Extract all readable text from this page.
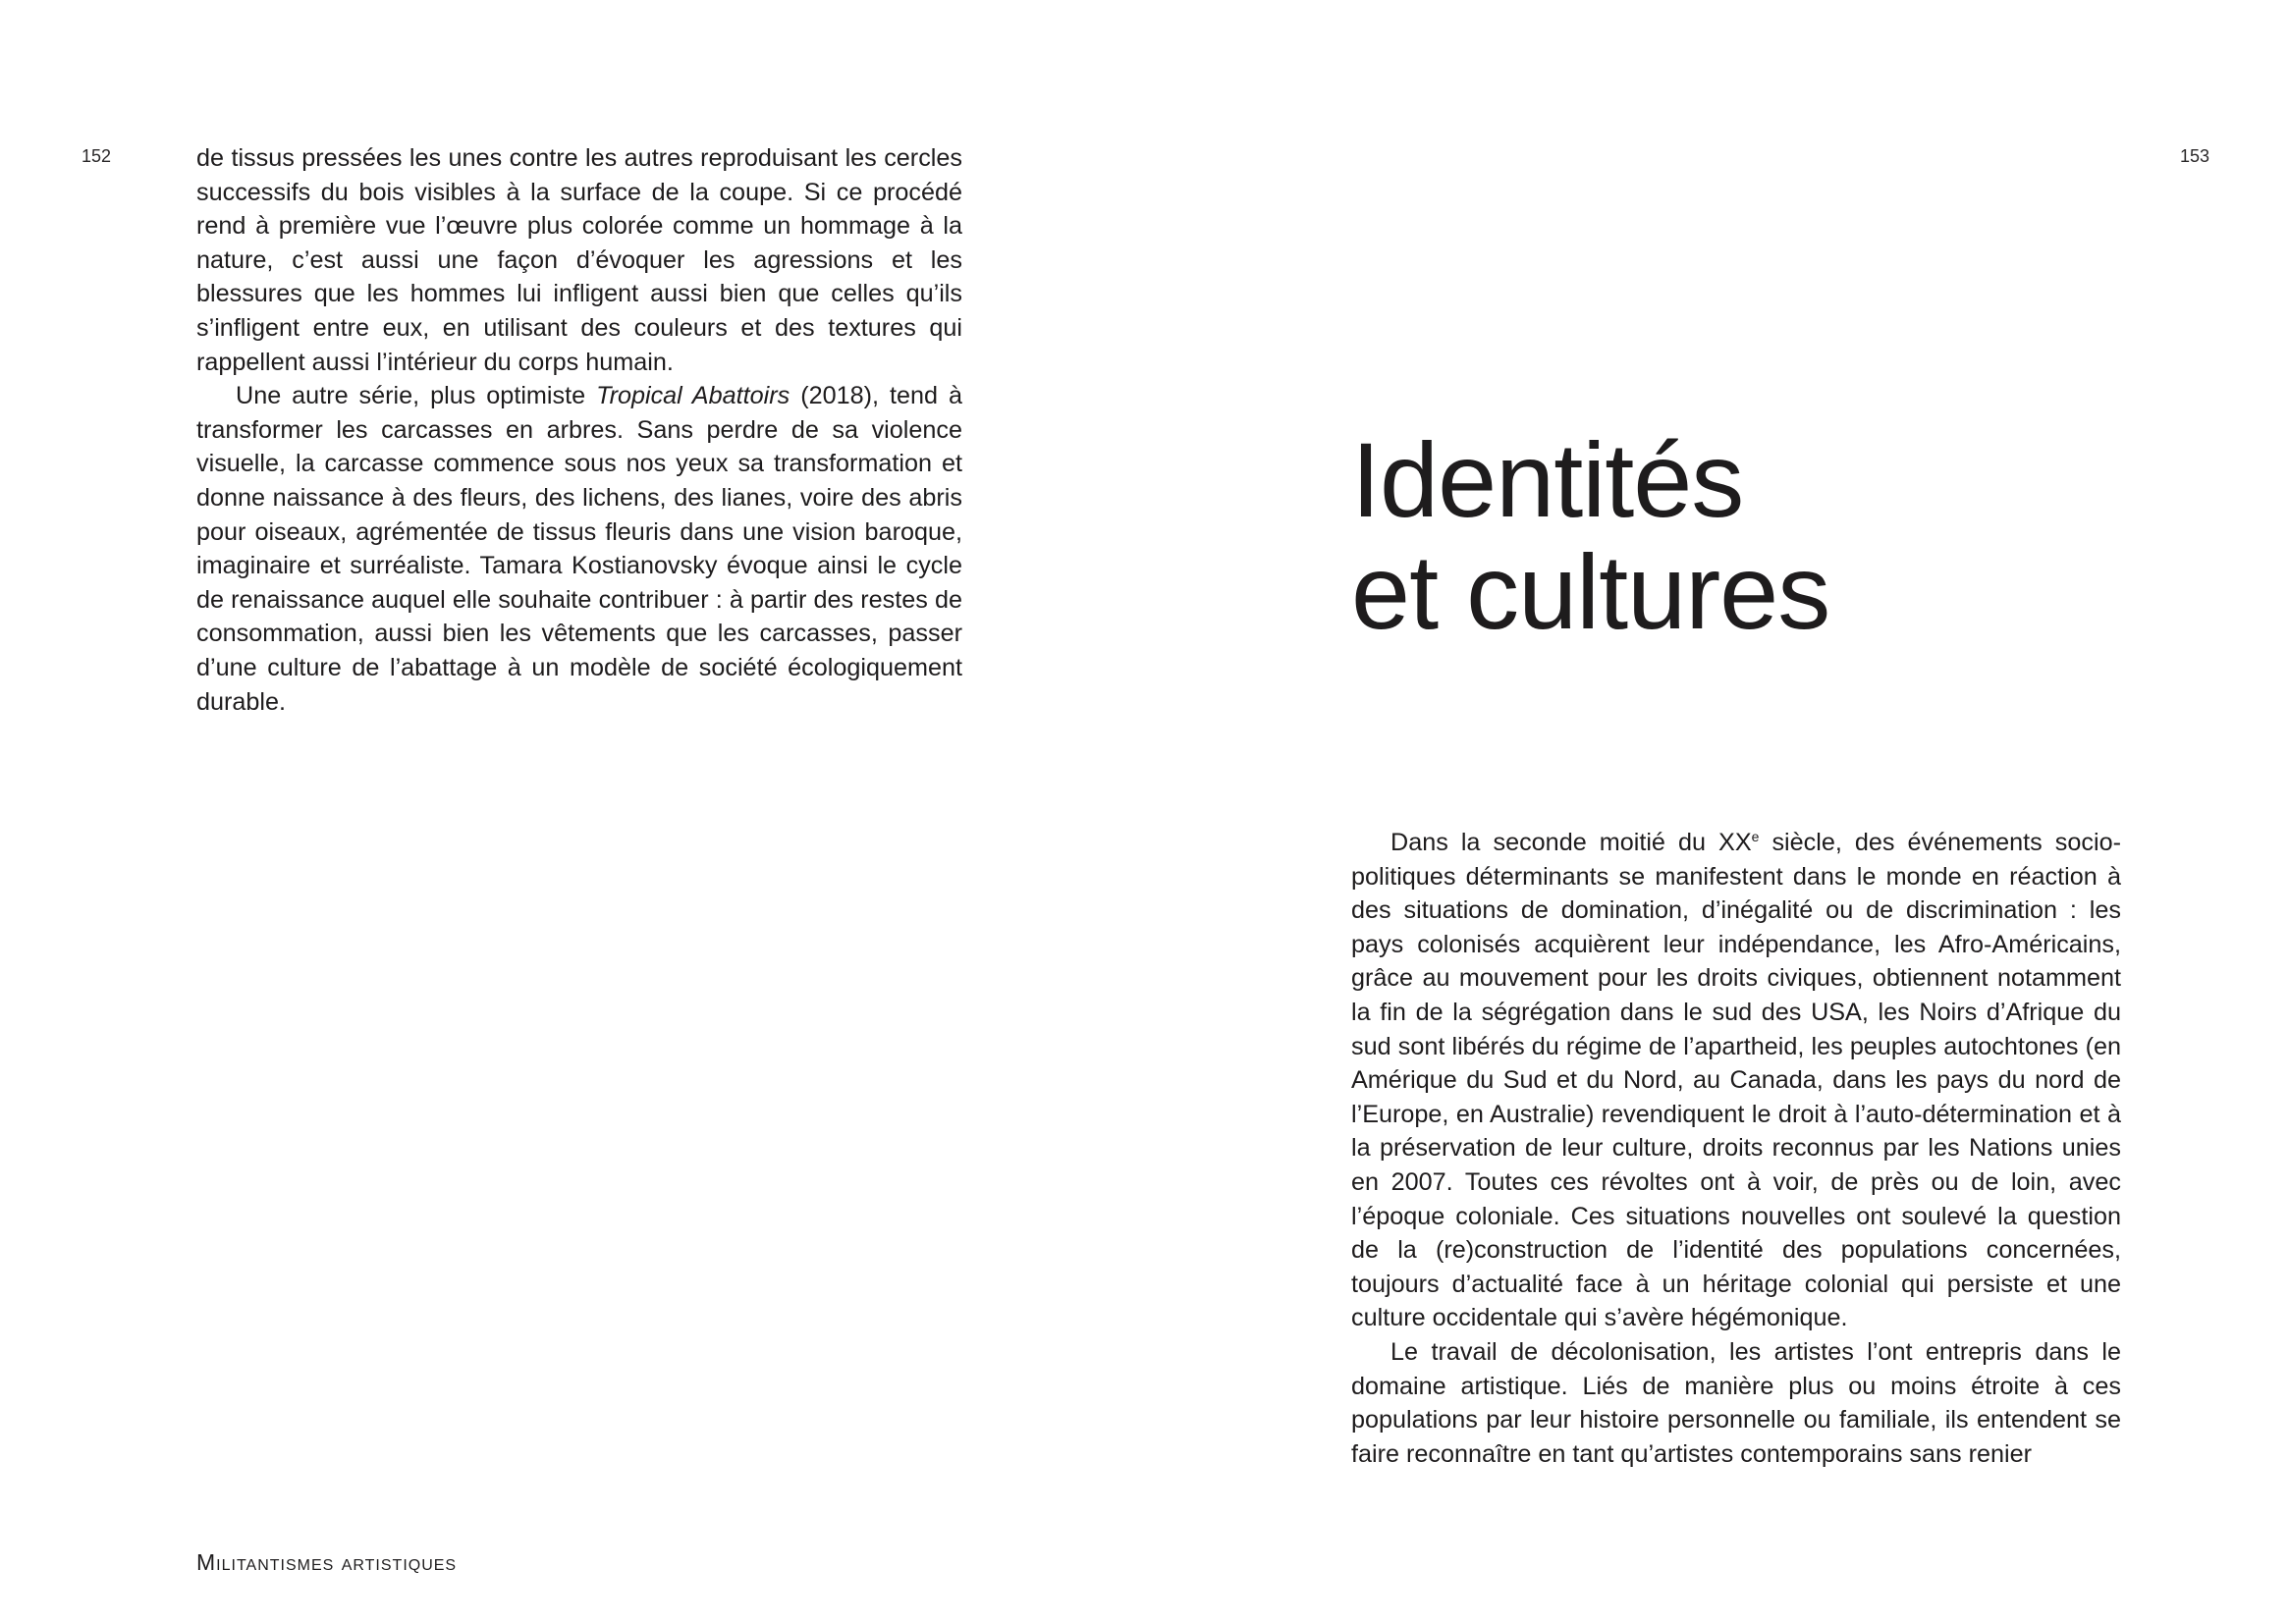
152	de tissus pressées les unes contre les autres reproduisant les cercles successifs du bois visibles à la surface de la coupe. Si ce procédé rend à première vue l’œuvre plus colorée comme un hommage à la nature, c’est aussi une façon d’évoquer les agressions et les blessures que les hommes lui infligent aussi bien que celles qu’ils s’infligent entre eux, en utilisant des couleurs et des textures qui rappellent aussi l’intérieur du corps humain.

Une autre série, plus optimiste Tropical Abattoirs (2018), tend à transformer les carcasses en arbres. Sans perdre de sa violence visuelle, la carcasse commence sous nos yeux sa transformation et donne naissance à des fleurs, des lichens, des lianes, voire des abris pour oiseaux, agrémentée de tissus fleuris dans une vision baroque, imaginaire et surréaliste. Tamara Kostianovsky évoque ainsi le cycle de renaissance auquel elle souhaite contribuer : à partir des restes de consommation, aussi bien les vêtements que les carcasses, passer d’une culture de l’abattage à un modèle de société écologiquement durable.

Militantismes artistiques
153
Identités
et cultures

Dans la seconde moitié du XXe siècle, des événements socio-politiques déterminants se manifestent dans le monde en réaction à des situations de domination, d’inégalité ou de discrimination : les pays colonisés acquièrent leur indépendance, les Afro-Américains, grâce au mouvement pour les droits civiques, obtiennent notamment la fin de la ségrégation dans le sud des USA, les Noirs d’Afrique du sud sont libérés du régime de l’apartheid, les peuples autochtones (en Amérique du Sud et du Nord, au Canada, dans les pays du nord de l’Europe, en Australie) revendiquent le droit à l’auto-détermination et à la préservation de leur culture, droits reconnus par les Nations unies en 2007. Toutes ces révoltes ont à voir, de près ou de loin, avec l’époque coloniale. Ces situations nouvelles ont soulevé la question de la (re)construction de l’identité des populations concernées, toujours d’actualité face à un héritage colonial qui persiste et une culture occidentale qui s’avère hégémonique.

Le travail de décolonisation, les artistes l’ont entrepris dans le domaine artistique. Liés de manière plus ou moins étroite à ces populations par leur histoire personnelle ou familiale, ils entendent se faire reconnaître en tant qu’artistes contemporains sans renier
